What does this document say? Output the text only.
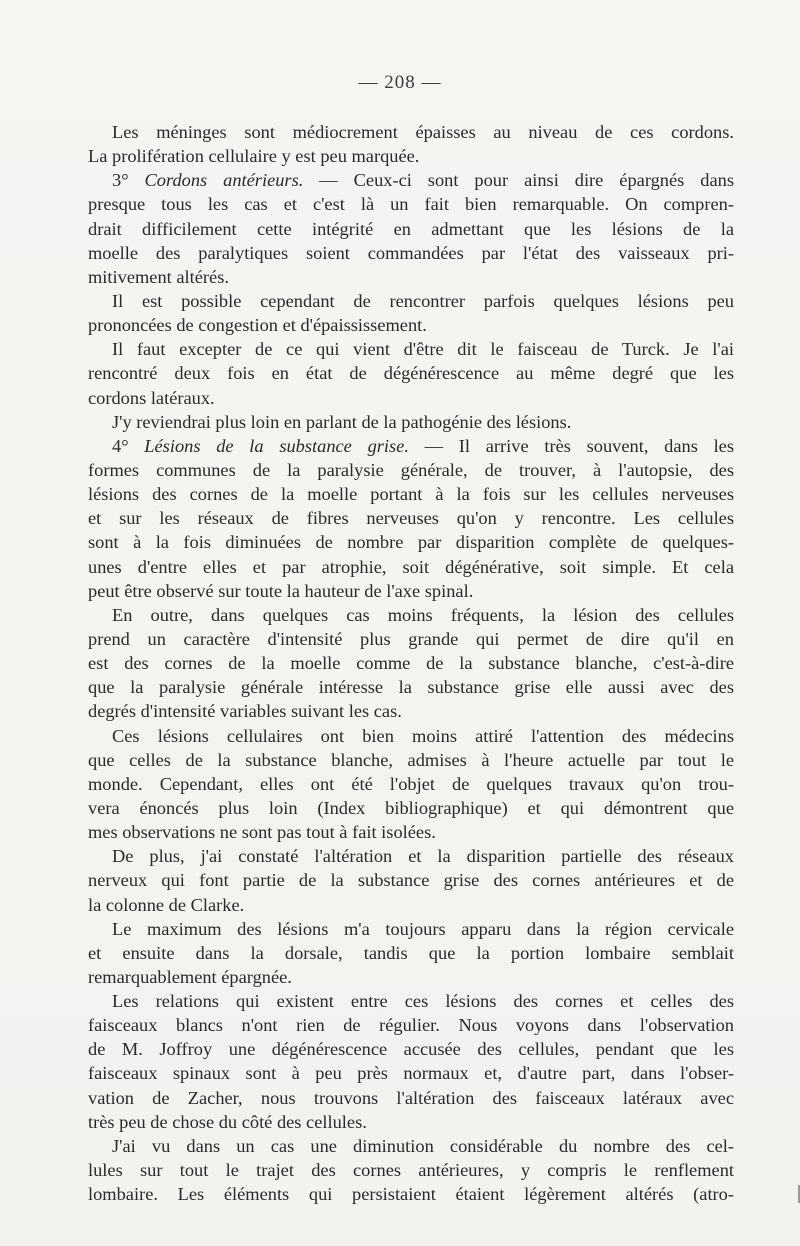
— 208 —
Les méninges sont médiocrement épaisses au niveau de ces cordons.
La prolifération cellulaire y est peu marquée.
3° Cordons antérieurs. — Ceux-ci sont pour ainsi dire épargnés dans
presque tous les cas et c'est là un fait bien remarquable. On compren-
drait difficilement cette intégrité en admettant que les lésions de la
moelle des paralytiques soient commandées par l'état des vaisseaux pri-
mitivement altérés.
Il est possible cependant de rencontrer parfois quelques lésions peu
prononcées de congestion et d'épaississement.
Il faut excepter de ce qui vient d'être dit le faisceau de Turck. Je l'ai
rencontré deux fois en état de dégénérescence au même degré que les
cordons latéraux.
J'y reviendrai plus loin en parlant de la pathogénie des lésions.
4° Lésions de la substance grise. — Il arrive très souvent, dans les
formes communes de la paralysie générale, de trouver, à l'autopsie, des
lésions des cornes de la moelle portant à la fois sur les cellules nerveuses
et sur les réseaux de fibres nerveuses qu'on y rencontre. Les cellules
sont à la fois diminuées de nombre par disparition complète de quelques-
unes d'entre elles et par atrophie, soit dégénérative, soit simple. Et cela
peut être observé sur toute la hauteur de l'axe spinal.
En outre, dans quelques cas moins fréquents, la lésion des cellules
prend un caractère d'intensité plus grande qui permet de dire qu'il en
est des cornes de la moelle comme de la substance blanche, c'est-à-dire
que la paralysie générale intéresse la substance grise elle aussi avec des
degrés d'intensité variables suivant les cas.
Ces lésions cellulaires ont bien moins attiré l'attention des médecins
que celles de la substance blanche, admises à l'heure actuelle par tout le
monde. Cependant, elles ont été l'objet de quelques travaux qu'on trou-
vera énoncés plus loin (Index bibliographique) et qui démontrent que
mes observations ne sont pas tout à fait isolées.
De plus, j'ai constaté l'altération et la disparition partielle des réseaux
nerveux qui font partie de la substance grise des cornes antérieures et de
la colonne de Clarke.
Le maximum des lésions m'a toujours apparu dans la région cervicale
et ensuite dans la dorsale, tandis que la portion lombaire semblait
remarquablement épargnée.
Les relations qui existent entre ces lésions des cornes et celles des
faisceaux blancs n'ont rien de régulier. Nous voyons dans l'observation
de M. Joffroy une dégénérescence accusée des cellules, pendant que les
faisceaux spinaux sont à peu près normaux et, d'autre part, dans l'obser-
vation de Zacher, nous trouvons l'altération des faisceaux latéraux avec
très peu de chose du côté des cellules.
J'ai vu dans un cas une diminution considérable du nombre des cel-
lules sur tout le trajet des cornes antérieures, y compris le renflement
lombaire. Les éléments qui persistaient étaient légèrement altérés (atro-
